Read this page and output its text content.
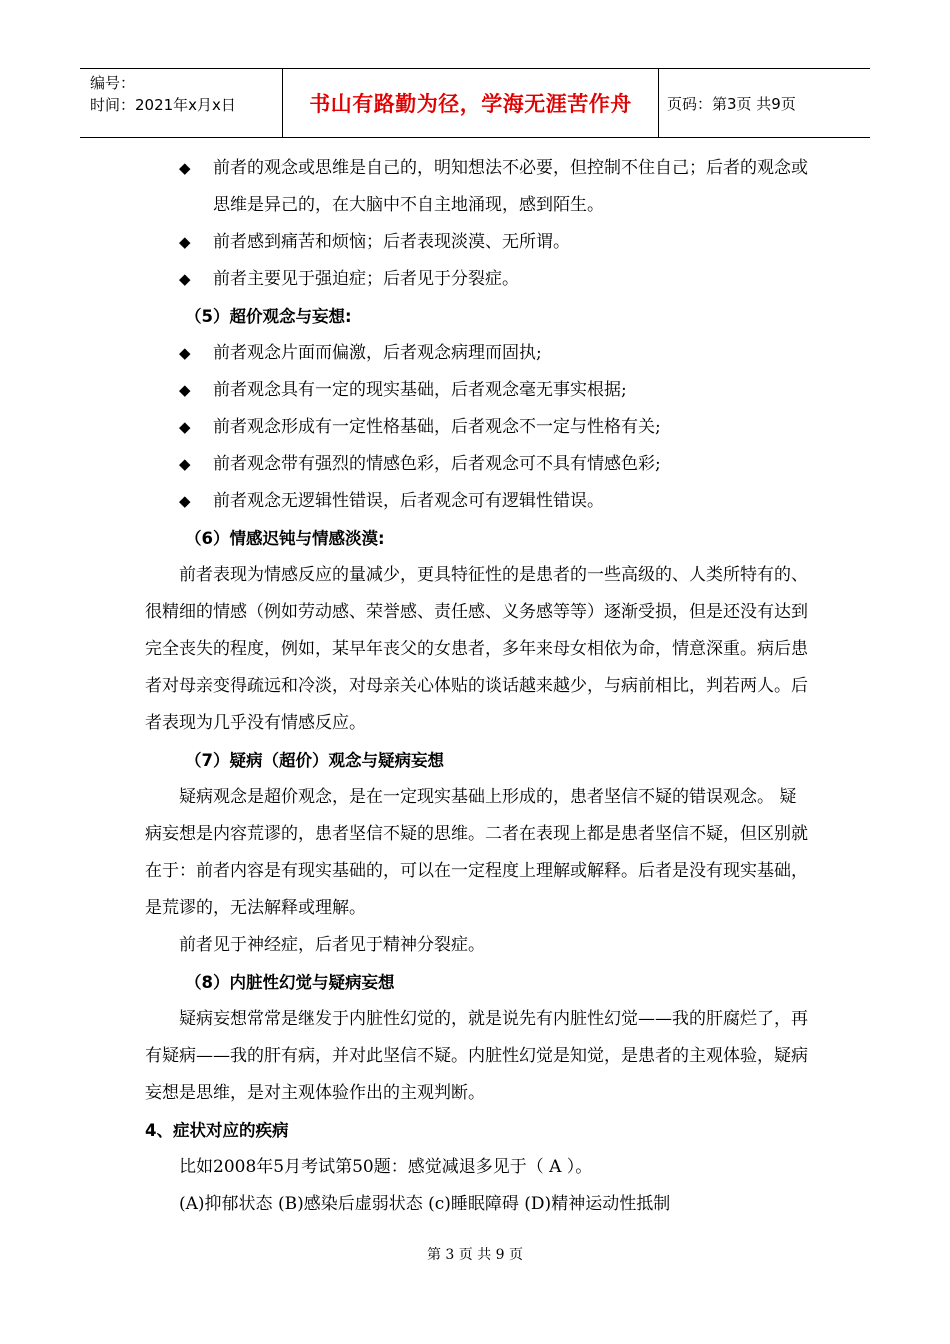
编号：
时间：2021年x月x日	书山有路勤为径，学海无涯苦作舟	页码：第3页 共9页

◆ 前者的观念或思维是自己的，明知想法不必要，但控制不住自己；后者的观念或思维是异己的，在大脑中不自主地涌现，感到陌生。

◆ 前者感到痛苦和烦恼；后者表现淡漠、无所谓。

◆ 前者主要见于强迫症；后者见于分裂症。

（5）超价观念与妄想:

◆ 前者观念片面而偏激，后者观念病理而固执;

◆ 前者观念具有一定的现实基础，后者观念毫无事实根据;

◆ 前者观念形成有一定性格基础，后者观念不一定与性格有关;

◆ 前者观念带有强烈的情感色彩，后者观念可不具有情感色彩;

◆ 前者观念无逻辑性错误，后者观念可有逻辑性错误。

（6）情感迟钝与情感淡漠:

前者表现为情感反应的量减少，更具特征性的是患者的一些高级的、人类所特有的、很精细的情感（例如劳动感、荣誉感、责任感、义务感等等）逐渐受损，但是还没有达到完全丧失的程度，例如，某早年丧父的女患者，多年来母女相依为命，情意深重。病后患者对母亲变得疏远和冷淡，对母亲关心体贴的谈话越来越少，与病前相比，判若两人。后者表现为几乎没有情感反应。

（7）疑病（超价）观念与疑病妄想

疑病观念是超价观念，是在一定现实基础上形成的，患者坚信不疑的错误观念。 疑病妄想是内容荒谬的，患者坚信不疑的思维。二者在表现上都是患者坚信不疑，但区别就在于：前者内容是有现实基础的，可以在一定程度上理解或解释。后者是没有现实基础，是荒谬的，无法解释或理解。

前者见于神经症，后者见于精神分裂症。

（8）内脏性幻觉与疑病妄想

疑病妄想常常是继发于内脏性幻觉的，就是说先有内脏性幻觉——我的肝腐烂了，再有疑病——我的肝有病，并对此坚信不疑。内脏性幻觉是知觉，是患者的主观体验，疑病妄想是思维，是对主观体验作出的主观判断。

4、症状对应的疾病

比如2008年5月考试第50题：感觉减退多见于（ A ）。

(A)抑郁状态 (B)感染后虚弱状态 (c)睡眠障碍 (D)精神运动性抵制

第 3 页 共 9 页
